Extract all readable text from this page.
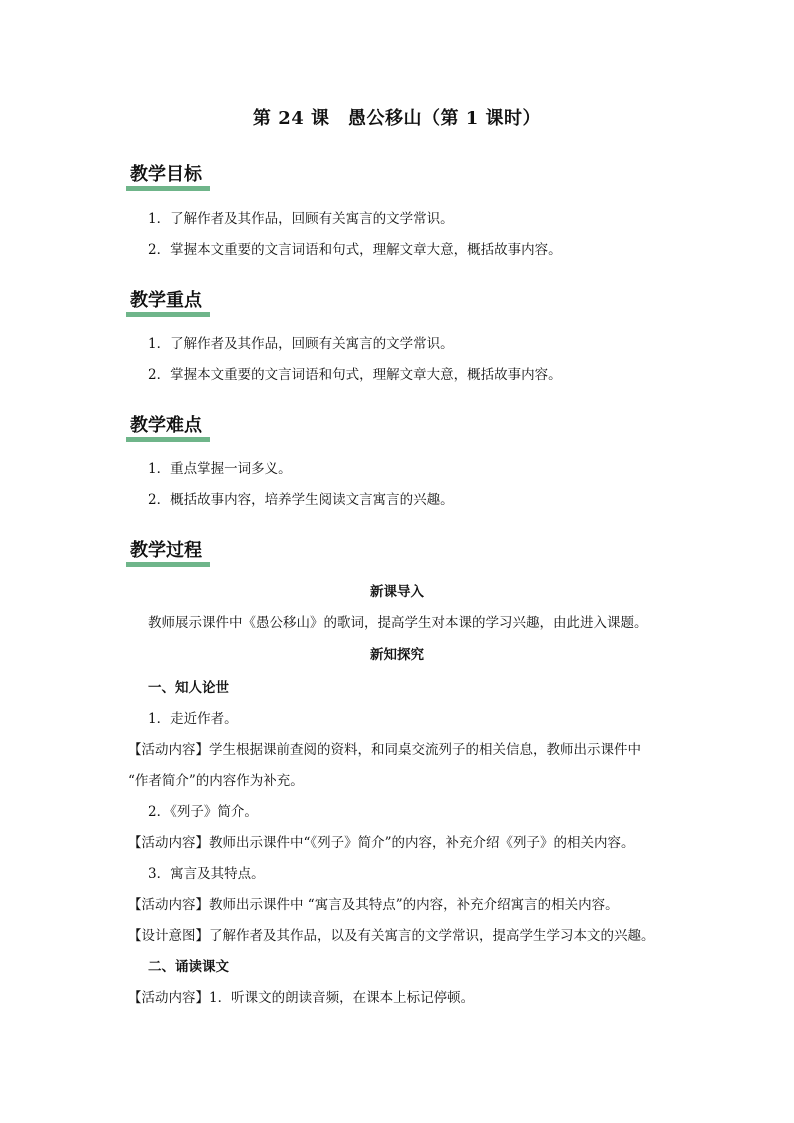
第 24 课　愚公移山（第 1 课时）
教学目标
1．了解作者及其作品，回顾有关寓言的文学常识。
2．掌握本文重要的文言词语和句式，理解文章大意，概括故事内容。
教学重点
1．了解作者及其作品，回顾有关寓言的文学常识。
2．掌握本文重要的文言词语和句式，理解文章大意，概括故事内容。
教学难点
1．重点掌握一词多义。
2．概括故事内容，培养学生阅读文言寓言的兴趣。
教学过程
新课导入
教师展示课件中《愚公移山》的歌词，提高学生对本课的学习兴趣，由此进入课题。
新知探究
一、知人论世
1．走近作者。
【活动内容】学生根据课前查阅的资料，和同桌交流列子的相关信息，教师出示课件中
“作者简介”的内容作为补充。
2．《列子》简介。
【活动内容】教师出示课件中“《列子》简介”的内容，补充介绍《列子》的相关内容。
3．寓言及其特点。
【活动内容】教师出示课件中 “寓言及其特点”的内容，补充介绍寓言的相关内容。
【设计意图】了解作者及其作品，以及有关寓言的文学常识，提高学生学习本文的兴趣。
二、诵读课文
【活动内容】1．听课文的朗读音频，在课本上标记停顿。
